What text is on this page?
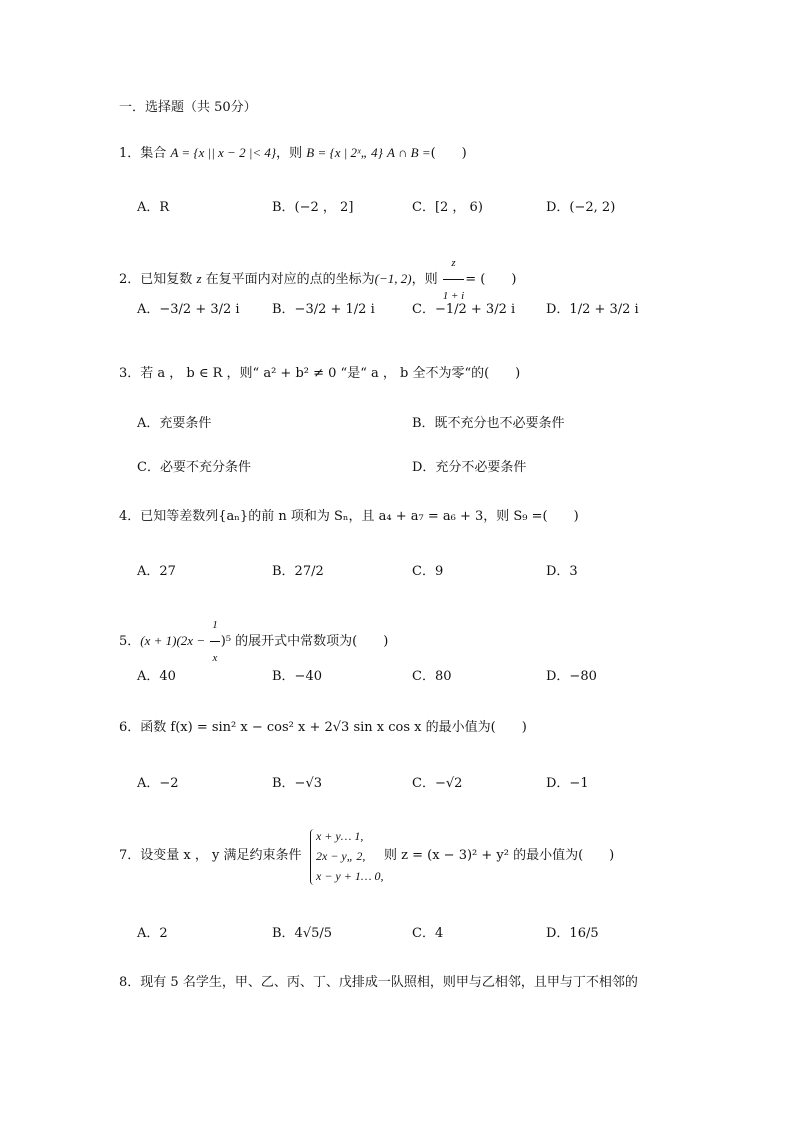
一．选择题（共 50分）
1．集合 A = {x || x − 2 |< 4}，则 B = {x | 2ˣ„ 4} A ∩ B =(　　)
A．R	B．(−2 ， 2]	C．[2 ， 6)	D．(−2, 2)
2．已知复数 z 在复平面内对应的点的坐标为(−1, 2)，则 $\frac{z}{1 + i}$ = (　　)
A．−3/2 + 3/2 i B．−3/2 + 1/2 i	C．−1/2 + 3/2 i D．1/2 + 3/2 i
3．若 a ， b ∈ R ，则“ a² + b² ≠ 0 “是“ a ， b 全不为零“的(　　)
A．充要条件	B．既不充分也不必要条件
C．必要不充分条件	D．充分不必要条件
4．已知等差数列{aₙ}的前 n 项和为 Sₙ，且 a₄ + a₇ = a₆ + 3，则 S₉ =(　　)
A．27	B．27/2	C．9	D．3
5．$(x + 1)(2x - \frac{1}{x} )^5$ 的展开式中常数项为(　　)
A．40	B．−40	C．80	D．−80
6．函数 f(x) = sin² x − cos² x + 2√3 sin x cos x 的最小值为(　　)
A．−2	B．−√3	C．−√2	D．−1
7．设变量 x ， y 满足约束条件
x + y… 1,
2x − y„ 2,
x − y + 1… 0,
则 z = (x − 3)² + y² 的最小值为(　　)
A．2	B．4√5/5	C．4	D．16/5
8．现有 5 名学生，甲、乙、丙、丁、戊排成一队照相，则甲与乙相邻，且甲与丁不相邻的
